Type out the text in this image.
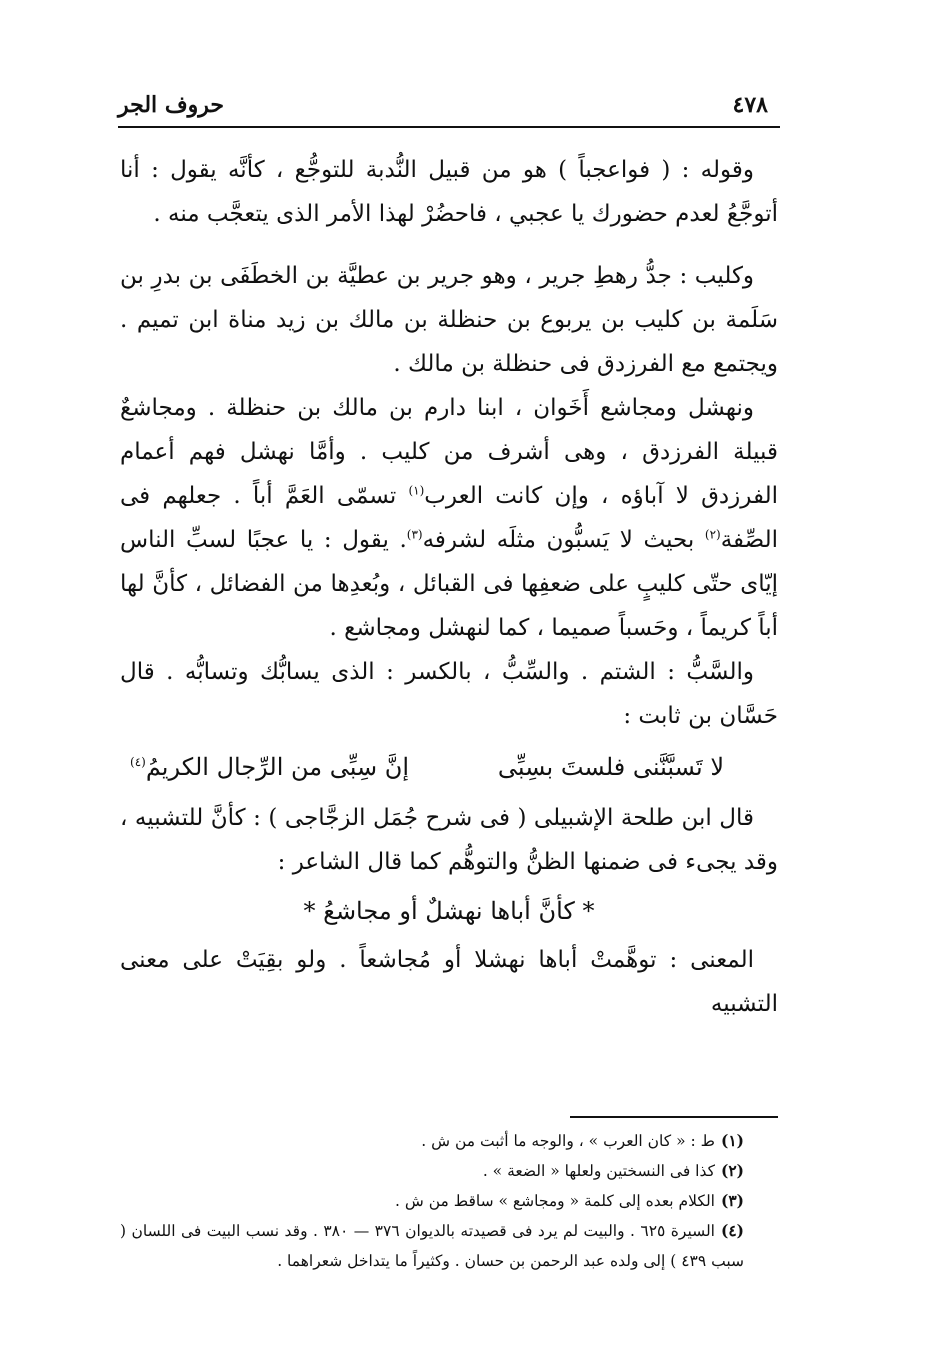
٤٧٨
حروف الجر

وقوله : ( فواعجباً ) هو من قبيل النُّدبة للتوجُّع ، كأنَّه يقول : أنا أتوجَّعُ لعدم حضورك يا عجبي ، فاحضُرْ لهذا الأمر الذى يتعجَّب منه .

وكليب : جدُّ رهطِ جرير ، وهو جرير بن عطيَّة بن الخطَفَى بن بدرِ بن سَلَمة بن كليب بن يربوع بن حنظلة بن مالك بن زيد مناة ابن تميم . ويجتمع مع الفرزدق فى حنظلة بن مالك .

ونهشل ومجاشع أَخَوان ، ابنا دارم بن مالك بن حنظلة . ومجاشعٌ قبيلة الفرزدق ، وهى أشرف من كليب . وأمَّا نهشل فهم أعمام الفرزدق لا آباؤه ، وإن كانت العرب$^{(١)}$ تسمّى العَمَّ أباً . جعلهم فى الصِّفة$^{(٢)}$ بحيث لا يَسبُّون مثلَه لشرفه$^{(٣)}$. يقول : يا عجبًا لسبِّ الناس إيّاى حتّى كليبٍ على ضعفِها فى القبائل ، وبُعدِها من الفضائل ، كأنَّ لها أباً كريماً ، وحَسباً صميما ، كما لنهشل ومجاشع .

والسَّبُّ : الشتم . والسِّبُّ ، بالكسر : الذى يسابُّك وتسابُّه . قال حَسَّان بن ثابت :

لا تَسبَّنَّنى فلستَ بسِبِّى
إنَّ سِبِّى من الرِّجال الكريمُ$^{(٤)}$

قال ابن طلحة الإشبيلى ( فى شرح جُمَل الزجَّاجى ) : كأنَّ للتشبيه ، وقد يجىء فى ضمنها الظنُّ والتوهُّم كما قال الشاعر :

* كأنَّ أباها نهشلٌ أو مجاشعُ *

المعنى : توهَّمتْ أباها نهشلا أو مُجاشعاً . ولو بقِيَتْ على معنى التشبيه

(١)ط : « كان العرب » ، والوجه ما أثبت من ش .

(٢)كذا فى النسختين ولعلها « الضعة » .

(٣)الكلام بعده إلى كلمة « ومجاشع » ساقط من ش .

(٤)السيرة ٦٢٥ . والبيت لم يرد فى قصيدته بالديوان ٣٧٦ — ٣٨٠ . وقد نسب البيت فى اللسان ( سبب ٤٣٩ ) إلى ولده عبد الرحمن بن حسان . وكثيراً ما يتداخل شعراهما .
